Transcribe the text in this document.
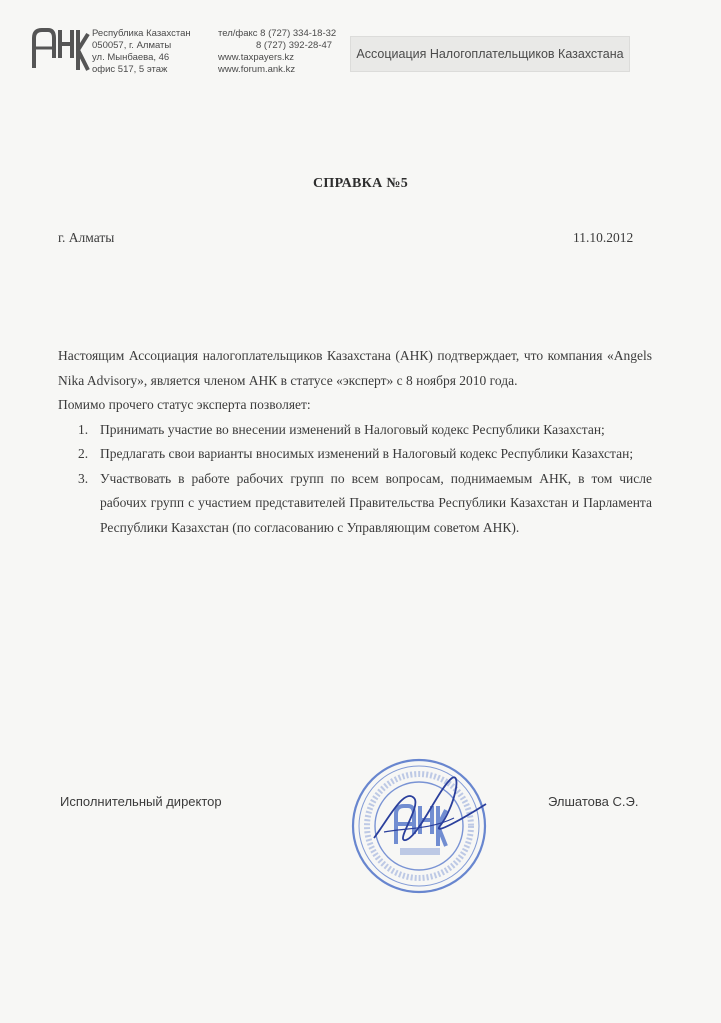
Республика Казахстан
050057, г. Алматы
ул. Мынбаева, 46
офис 517, 5 этаж
тел/факс 8 (727) 334-18-32
8 (727) 392-28-47
www.taxpayers.kz
www.forum.ank.kz
Ассоциация Налогоплательщиков Казахстана
СПРАВКА №5
г. Алматы	11.10.2012

Настоящим Ассоциация налогоплательщиков Казахстана (АНК) подтверждает, что компания «Angels Nika Advisory», является членом АНК в статусе «эксперт» с 8 ноября 2010 года.

Помимо прочего статус эксперта позволяет:

1. Принимать участие во внесении изменений в Налоговый кодекс Республики Казахстан;
2. Предлагать свои варианты вносимых изменений в Налоговый кодекс Республики Казахстан;
3. Участвовать в работе рабочих групп по всем вопросам, поднимаемым АНК, в том числе рабочих групп с участием представителей Правительства Республики Казахстан и Парламента Республики Казахстан (по согласованию с Управляющим советом АНК).
Исполнительный директор	Элшатова С.Э.
